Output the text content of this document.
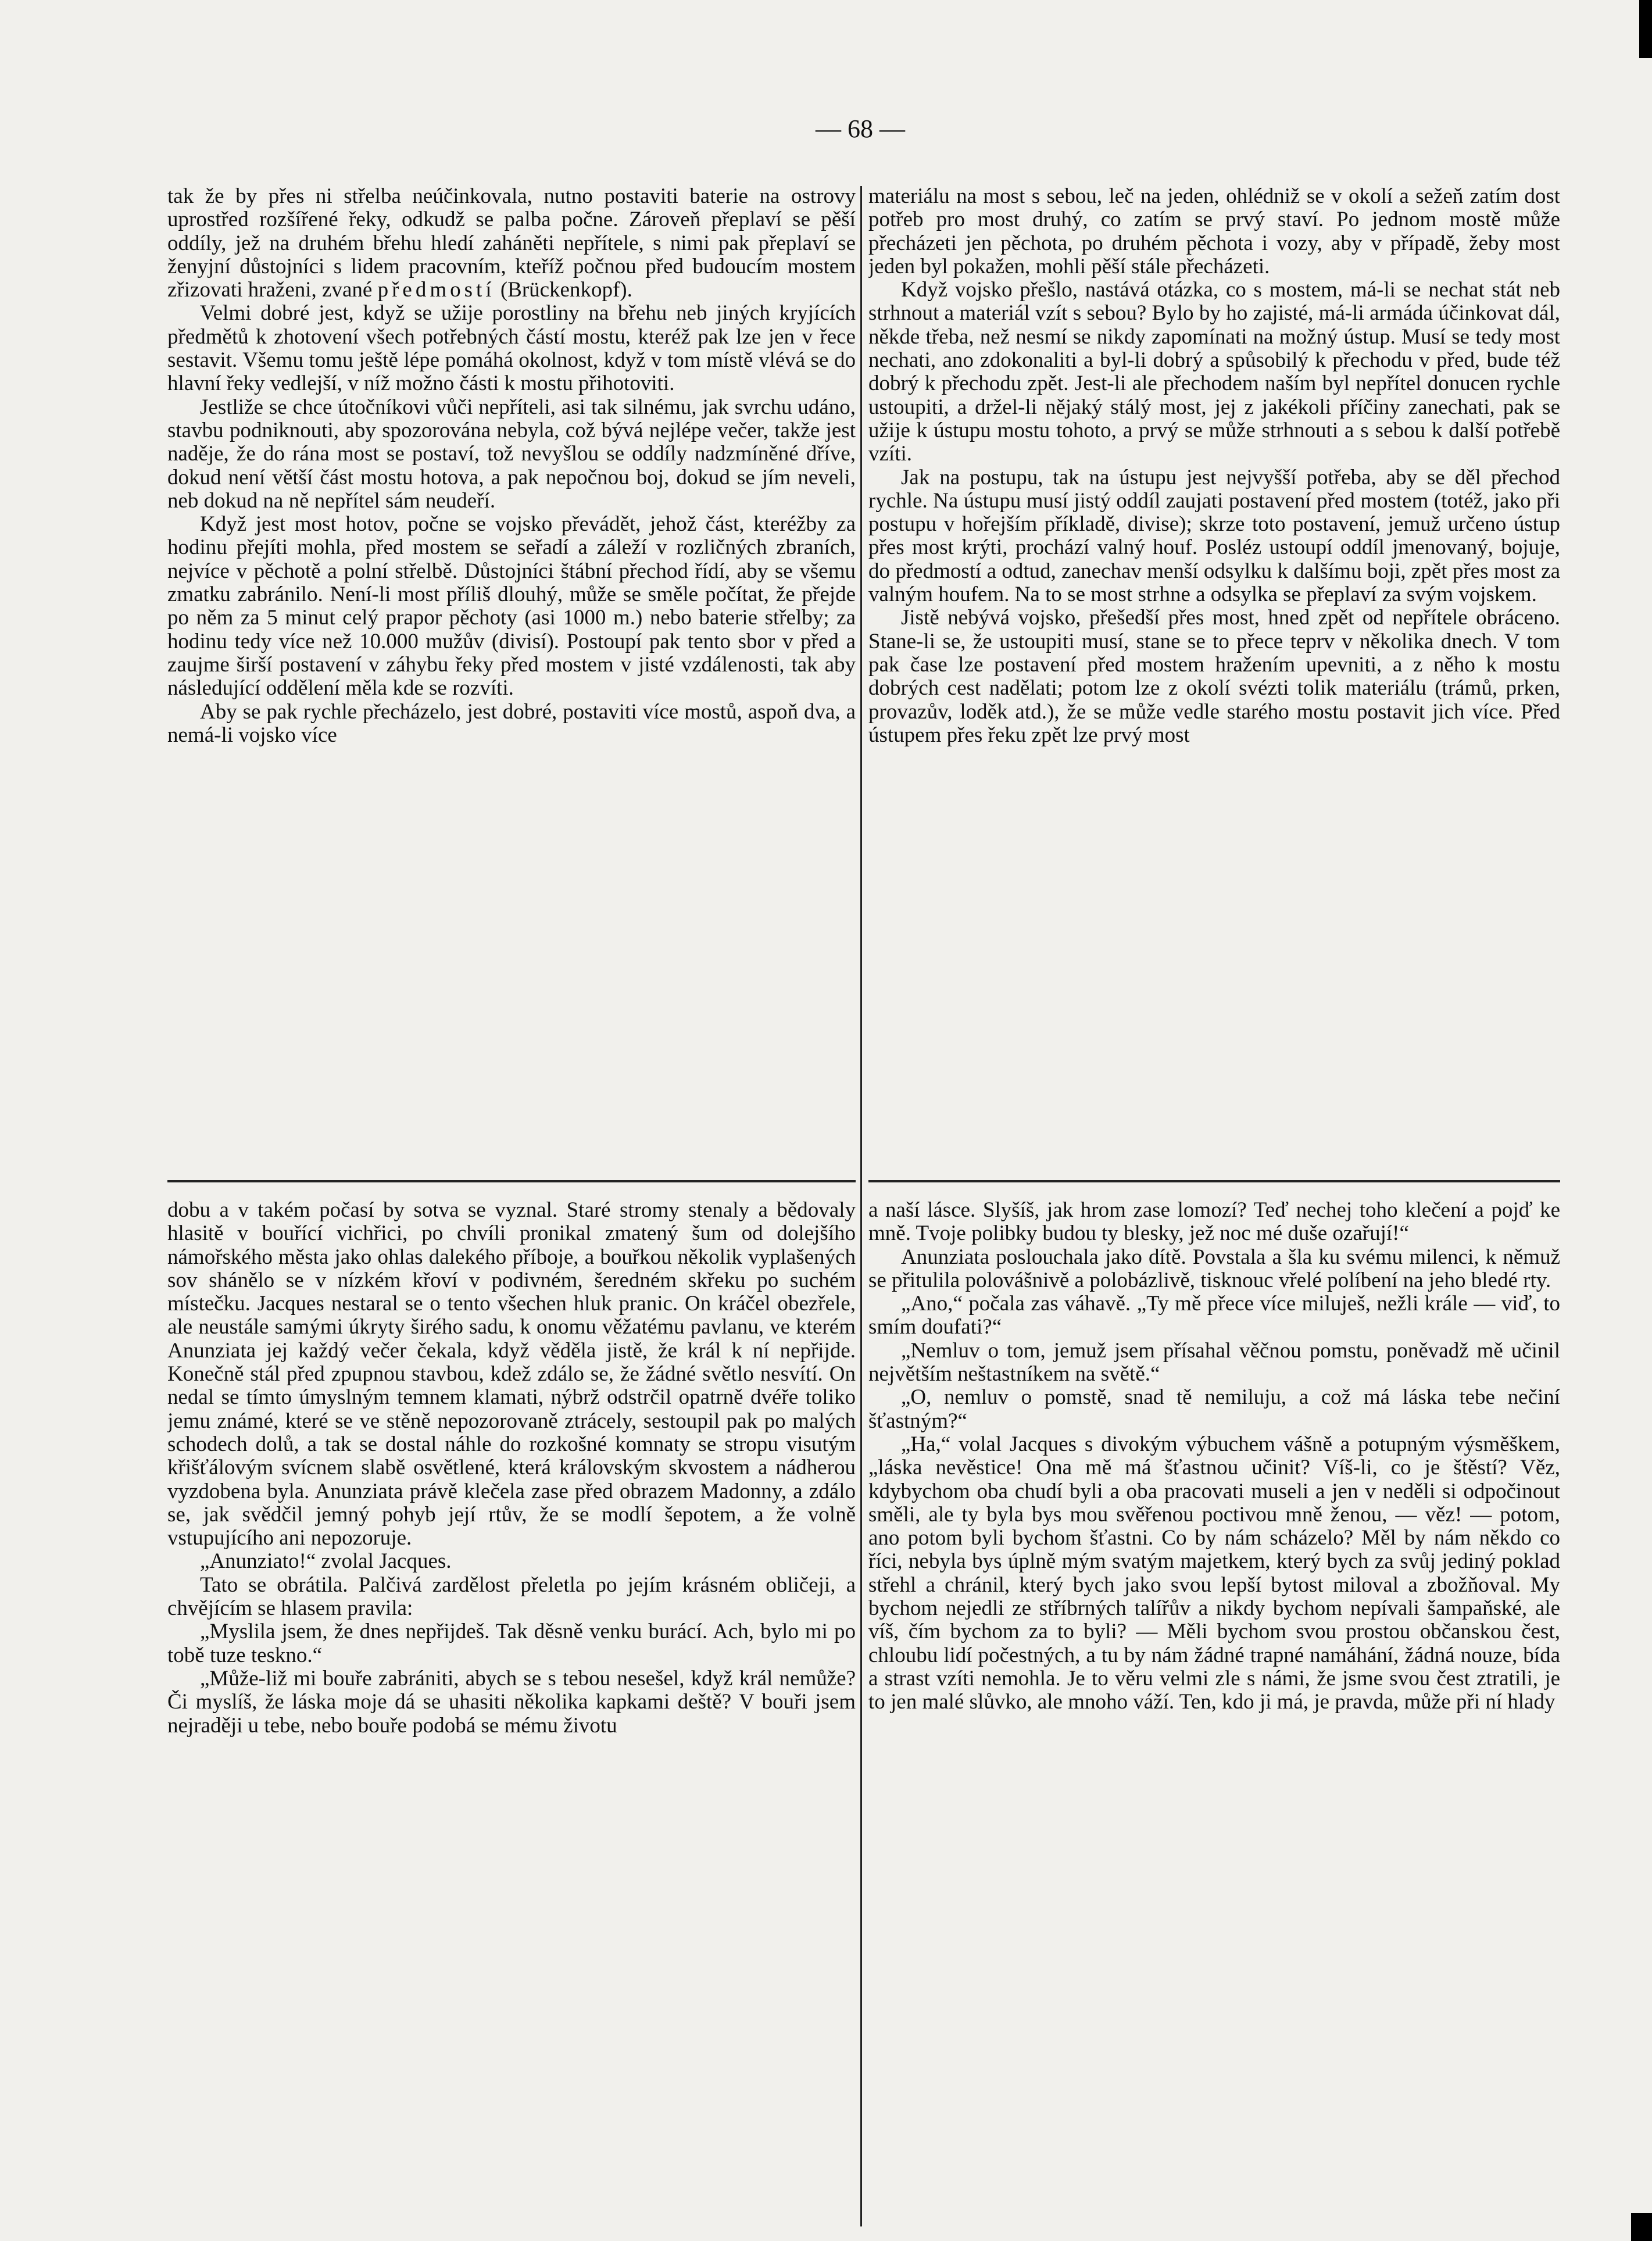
— 68 —

tak že by přes ni střelba neúčinkovala, nutno postaviti baterie na ostrovy uprostřed rozšířené řeky, odkudž se palba počne. Zároveň přeplaví se pěší oddíly, jež na druhém břehu hledí zaháněti nepřítele, s nimi pak přeplaví se ženyjní důstojníci s lidem pracovním, kteříž počnou před budoucím mostem zřizovati hraženi, zvané předmostí (Brückenkopf).

Velmi dobré jest, když se užije porostliny na břehu neb jiných kryjících předmětů k zhotovení všech potřebných částí mostu, kteréž pak lze jen v řece sestavit. Všemu tomu ještě lépe pomáhá okolnost, když v tom místě vlévá se do hlavní řeky vedlejší, v níž možno části k mostu přihotoviti.

Jestliže se chce útočníkovi vůči nepříteli, asi tak silnému, jak svrchu udáno, stavbu podniknouti, aby spozorována nebyla, což bývá nejlépe večer, takže jest naděje, že do rána most se postaví, tož nevyšlou se oddíly nadzmíněné dříve, dokud není větší část mostu hotova, a pak nepočnou boj, dokud se jím neveli, neb dokud na ně nepřítel sám neudeří.

Když jest most hotov, počne se vojsko převádět, jehož část, kteréžby za hodinu přejíti mohla, před mostem se seřadí a záleží v rozličných zbraních, nejvíce v pěchotě a polní střelbě. Důstojníci štábní přechod řídí, aby se všemu zmatku zabránilo. Není-li most příliš dlouhý, může se směle počítat, že přejde po něm za 5 minut celý prapor pěchoty (asi 1000 m.) nebo baterie střelby; za hodinu tedy více než 10.000 mužův (divisí). Postoupí pak tento sbor v před a zaujme širší postavení v záhybu řeky před mostem v jisté vzdálenosti, tak aby následující oddělení měla kde se rozvíti.

Aby se pak rychle přecházelo, jest dobré, postaviti více mostů, aspoň dva, a nemá-li vojsko více

materiálu na most s sebou, leč na jeden, ohlédniž se v okolí a sežeň zatím dost potřeb pro most druhý, co zatím se prvý staví. Po jednom mostě může přecházeti jen pěchota, po druhém pěchota i vozy, aby v případě, žeby most jeden byl pokažen, mohli pěší stále přecházeti.

Když vojsko přešlo, nastává otázka, co s mostem, má-li se nechat stát neb strhnout a materiál vzít s sebou? Bylo by ho zajisté, má-li armáda účinkovat dál, někde třeba, než nesmí se nikdy zapomínati na možný ústup. Musí se tedy most nechati, ano zdokonaliti a byl-li dobrý a spůsobilý k přechodu v před, bude též dobrý k přechodu zpět. Jest-li ale přechodem naším byl nepřítel donucen rychle ustoupiti, a držel-li nějaký stálý most, jej z jakékoli příčiny zanechati, pak se užije k ústupu mostu tohoto, a prvý se může strhnouti a s sebou k další potřebě vzíti.

Jak na postupu, tak na ústupu jest nejvyšší potřeba, aby se děl přechod rychle. Na ústupu musí jistý oddíl zaujati postavení před mostem (totéž, jako při postupu v hořejším příkladě, divise); skrze toto postavení, jemuž určeno ústup přes most krýti, prochází valný houf. Posléz ustoupí oddíl jmenovaný, bojuje, do předmostí a odtud, zanechav menší odsylku k dalšímu boji, zpět přes most za valným houfem. Na to se most strhne a odsylka se přeplaví za svým vojskem.

Jistě nebývá vojsko, přešedší přes most, hned zpět od nepřítele obráceno. Stane-li se, že ustoupiti musí, stane se to přece teprv v několika dnech. V tom pak čase lze postavení před mostem hražením upevniti, a z něho k mostu dobrých cest nadělati; potom lze z okolí svézti tolik materiálu (trámů, prken, provazův, loděk atd.), že se může vedle starého mostu postavit jich více. Před ústupem přes řeku zpět lze prvý most

dobu a v takém počasí by sotva se vyznal. Staré stromy stenaly a bědovaly hlasitě v bouřící vichřici, po chvíli pronikal zmatený šum od dolejšího námořského města jako ohlas dalekého příboje, a bouřkou několik vyplašených sov shánělo se v nízkém křoví v podivném, šeredném skřeku po suchém místečku. Jacques nestaral se o tento všechen hluk pranic. On kráčel obezřele, ale neustále samými úkryty širého sadu, k onomu věžatému pavlanu, ve kterém Anunziata jej každý večer čekala, když věděla jistě, že král k ní nepřijde. Konečně stál před zpupnou stavbou, kdež zdálo se, že žádné světlo nesvítí. On nedal se tímto úmyslným temnem klamati, nýbrž odstrčil opatrně dvéře toliko jemu známé, které se ve stěně nepozorovaně ztrácely, sestoupil pak po malých schodech dolů, a tak se dostal náhle do rozkošné komnaty se stropu visutým křišťálovým svícnem slabě osvětlené, která královským skvostem a nádherou vyzdobena byla. Anunziata právě klečela zase před obrazem Madonny, a zdálo se, jak svědčil jemný pohyb její rtův, že se modlí šepotem, a že volně vstupujícího ani nepozoruje.

„Anunziato!“ zvolal Jacques.

Tato se obrátila. Palčivá zardělost přeletla po jejím krásném obličeji, a chvějícím se hlasem pravila:

„Myslila jsem, že dnes nepřijdeš. Tak děsně venku burácí. Ach, bylo mi po tobě tuze teskno.“

„Může-liž mi bouře zabrániti, abych se s tebou nesešel, když král nemůže? Či myslíš, že láska moje dá se uhasiti několika kapkami deště? V bouři jsem nejraději u tebe, nebo bouře podobá se mému životu

a naší lásce. Slyšíš, jak hrom zase lomozí? Teď nechej toho klečení a pojď ke mně. Tvoje polibky budou ty blesky, jež noc mé duše ozařují!“

Anunziata poslouchala jako dítě. Povstala a šla ku svému milenci, k němuž se přitulila polovášnivě a polobázlivě, tisknouc vřelé políbení na jeho bledé rty.

„Ano,“ počala zas váhavě. „Ty mě přece více miluješ, nežli krále — viď, to smím doufati?“

„Nemluv o tom, jemuž jsem přísahal věčnou pomstu, poněvadž mě učinil největším neštastníkem na světě.“

„O, nemluv o pomstě, snad tě nemiluju, a což má láska tebe nečiní šťastným?“

„Ha,“ volal Jacques s divokým výbuchem vášně a potupným výsměškem, „láska nevěstice! Ona mě má šťastnou učinit? Víš-li, co je štěstí? Věz, kdybychom oba chudí byli a oba pracovati museli a jen v neděli si odpočinout směli, ale ty byla bys mou svěřenou poctivou mně ženou, — věz! — potom, ano potom byli bychom šťastni. Co by nám scházelo? Měl by nám někdo co říci, nebyla bys úplně mým svatým majetkem, který bych za svůj jediný poklad střehl a chránil, který bych jako svou lepší bytost miloval a zbožňoval. My bychom nejedli ze stříbrných talířův a nikdy bychom nepívali šampaňské, ale víš, čím bychom za to byli? — Měli bychom svou prostou občanskou čest, chloubu lidí počestných, a tu by nám žádné trapné namáhání, žádná nouze, bída a strast vzíti nemohla. Je to věru velmi zle s námi, že jsme svou čest ztratili, je to jen malé slůvko, ale mnoho váží. Ten, kdo ji má, je pravda, může při ní hlady
